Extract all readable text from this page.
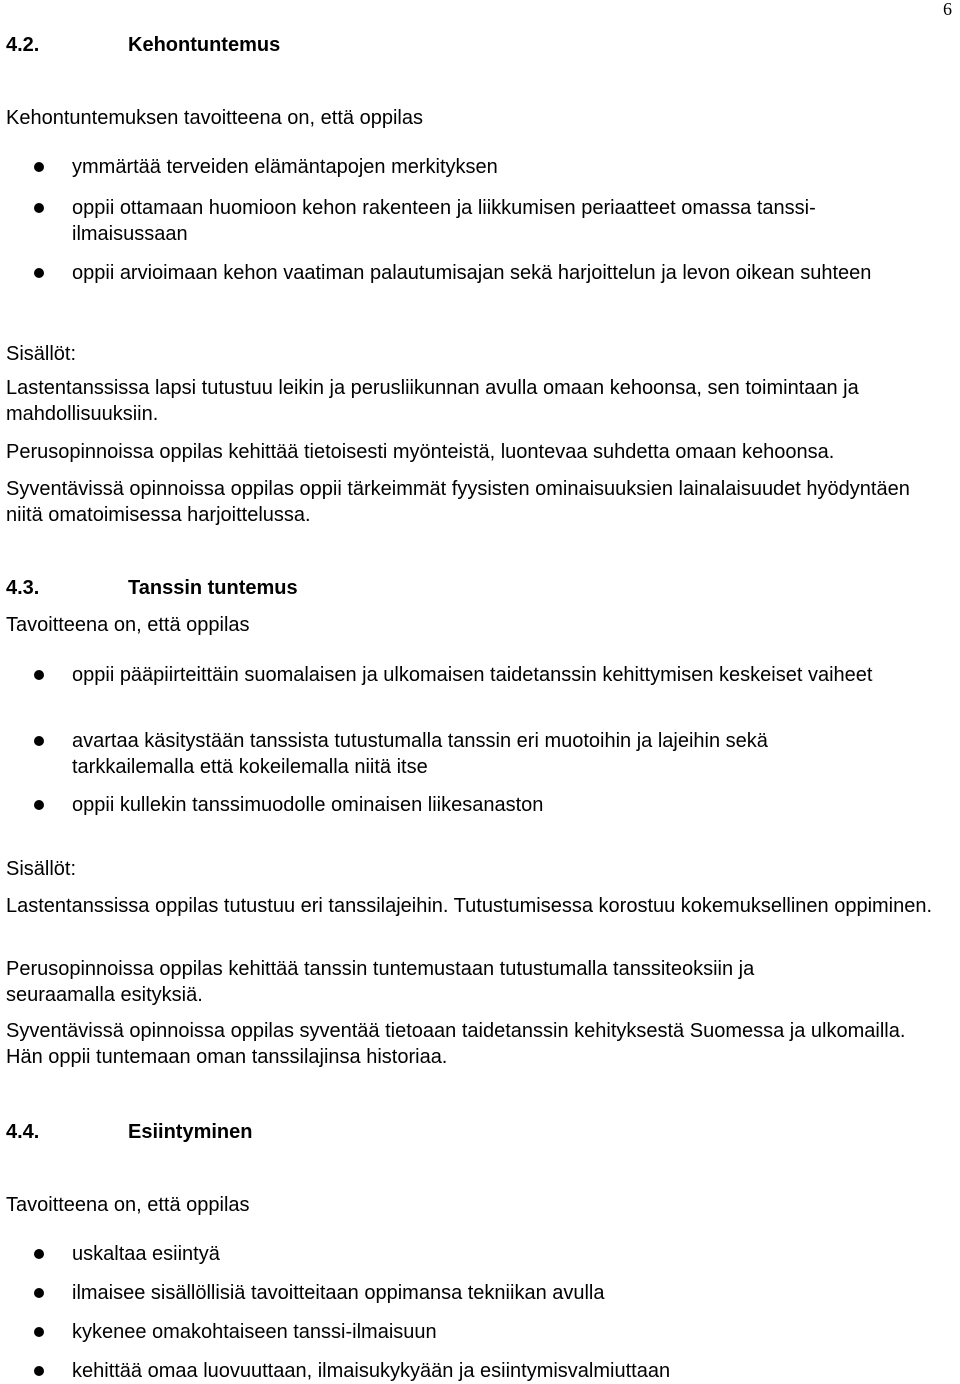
6
4.2.	Kehontuntemus
Kehontuntemuksen tavoitteena on, että oppilas
ymmärtää terveiden elämäntapojen merkityksen
oppii ottamaan huomioon kehon rakenteen ja liikkumisen periaatteet omassa tanssi-ilmaisussaan
oppii arvioimaan kehon vaatiman palautumisajan sekä harjoittelun ja levon oikean suhteen
Sisällöt:
Lastentanssissa lapsi tutustuu leikin ja perusliikunnan avulla omaan kehoonsa, sen toimintaan ja mahdollisuuksiin.
Perusopinnoissa oppilas kehittää tietoisesti myönteistä, luontevaa suhdetta omaan kehoonsa.
Syventävissä opinnoissa oppilas oppii tärkeimmät fyysisten ominaisuuksien lainalaisuudet hyödyntäen niitä omatoimisessa harjoittelussa.
4.3.	Tanssin tuntemus
Tavoitteena on, että oppilas
oppii pääpiirteittäin suomalaisen ja ulkomaisen taidetanssin kehittymisen keskeiset vaiheet
avartaa käsitystään tanssista tutustumalla tanssin eri muotoihin ja lajeihin sekä tarkkailemalla että kokeilemalla niitä itse
oppii kullekin tanssimuodolle ominaisen liikesanaston
Sisällöt:
Lastentanssissa oppilas tutustuu eri tanssilajeihin. Tutustumisessa korostuu kokemuksellinen oppiminen.
Perusopinnoissa oppilas kehittää tanssin tuntemustaan tutustumalla tanssiteoksiin ja seuraamalla esityksiä.
Syventävissä opinnoissa oppilas syventää tietoaan taidetanssin kehityksestä Suomessa ja ulkomailla. Hän oppii tuntemaan oman tanssilajinsa historiaa.
4.4.	Esiintyminen
Tavoitteena on, että oppilas
uskaltaa esiintyä
ilmaisee sisällöllisiä tavoitteitaan oppimansa tekniikan avulla
kykenee omakohtaiseen tanssi-ilmaisuun
kehittää omaa luovuuttaan, ilmaisukykyään ja esiintymisvalmiuttaan
